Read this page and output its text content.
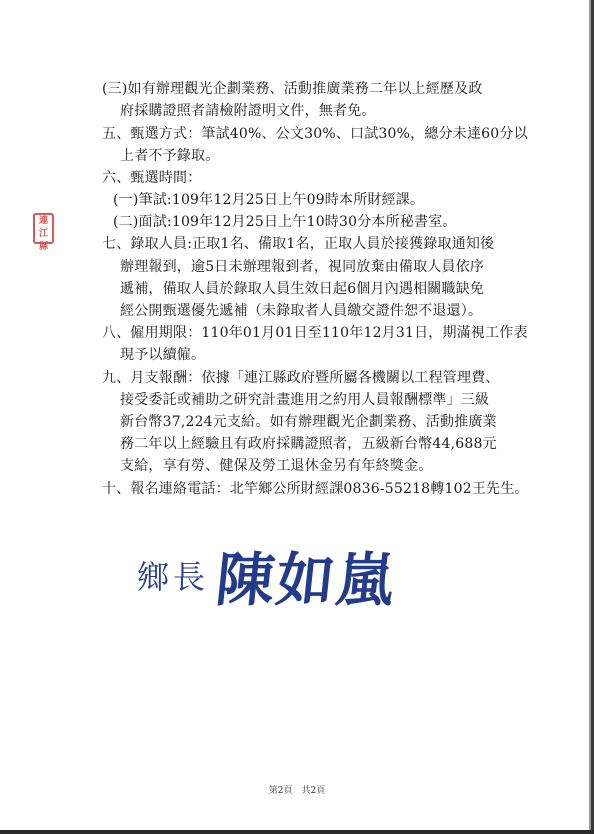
(三)如有辦理觀光企劃業務、活動推廣業務二年以上經歷及政
府採購證照者請檢附證明文件，無者免。
五、甄選方式：筆試40%、公文30%、口試30%，總分未達60分以
上者不予錄取。
六、甄選時間：
(一)筆試:109年12月25日上午09時本所財經課。
(二)面試:109年12月25日上午10時30分本所秘書室。
七、錄取人員:正取1名、備取1名，正取人員於接獲錄取通知後
辦理報到，逾5日未辦理報到者，視同放棄由備取人員依序
遞補，備取人員於錄取人員生效日起6個月內遇相關職缺免
經公開甄選優先遞補（未錄取者人員繳交證件恕不退還）。
八、僱用期限：110年01月01日至110年12月31日，期滿視工作表
現予以續僱。
九、月支報酬：依據「連江縣政府暨所屬各機關以工程管理費、
接受委託或補助之研究計畫進用之約用人員報酬標準」三級
新台幣37,224元支給。如有辦理觀光企劃業務、活動推廣業
務二年以上經驗且有政府採購證照者，五級新台幣44,688元
支給，享有勞、健保及勞工退休金另有年終獎金。
十、報名連絡電話：北竿鄉公所財經課0836-55218轉102王先生。
連江縣
鄉長 陳如嵐
第2頁　共2頁
